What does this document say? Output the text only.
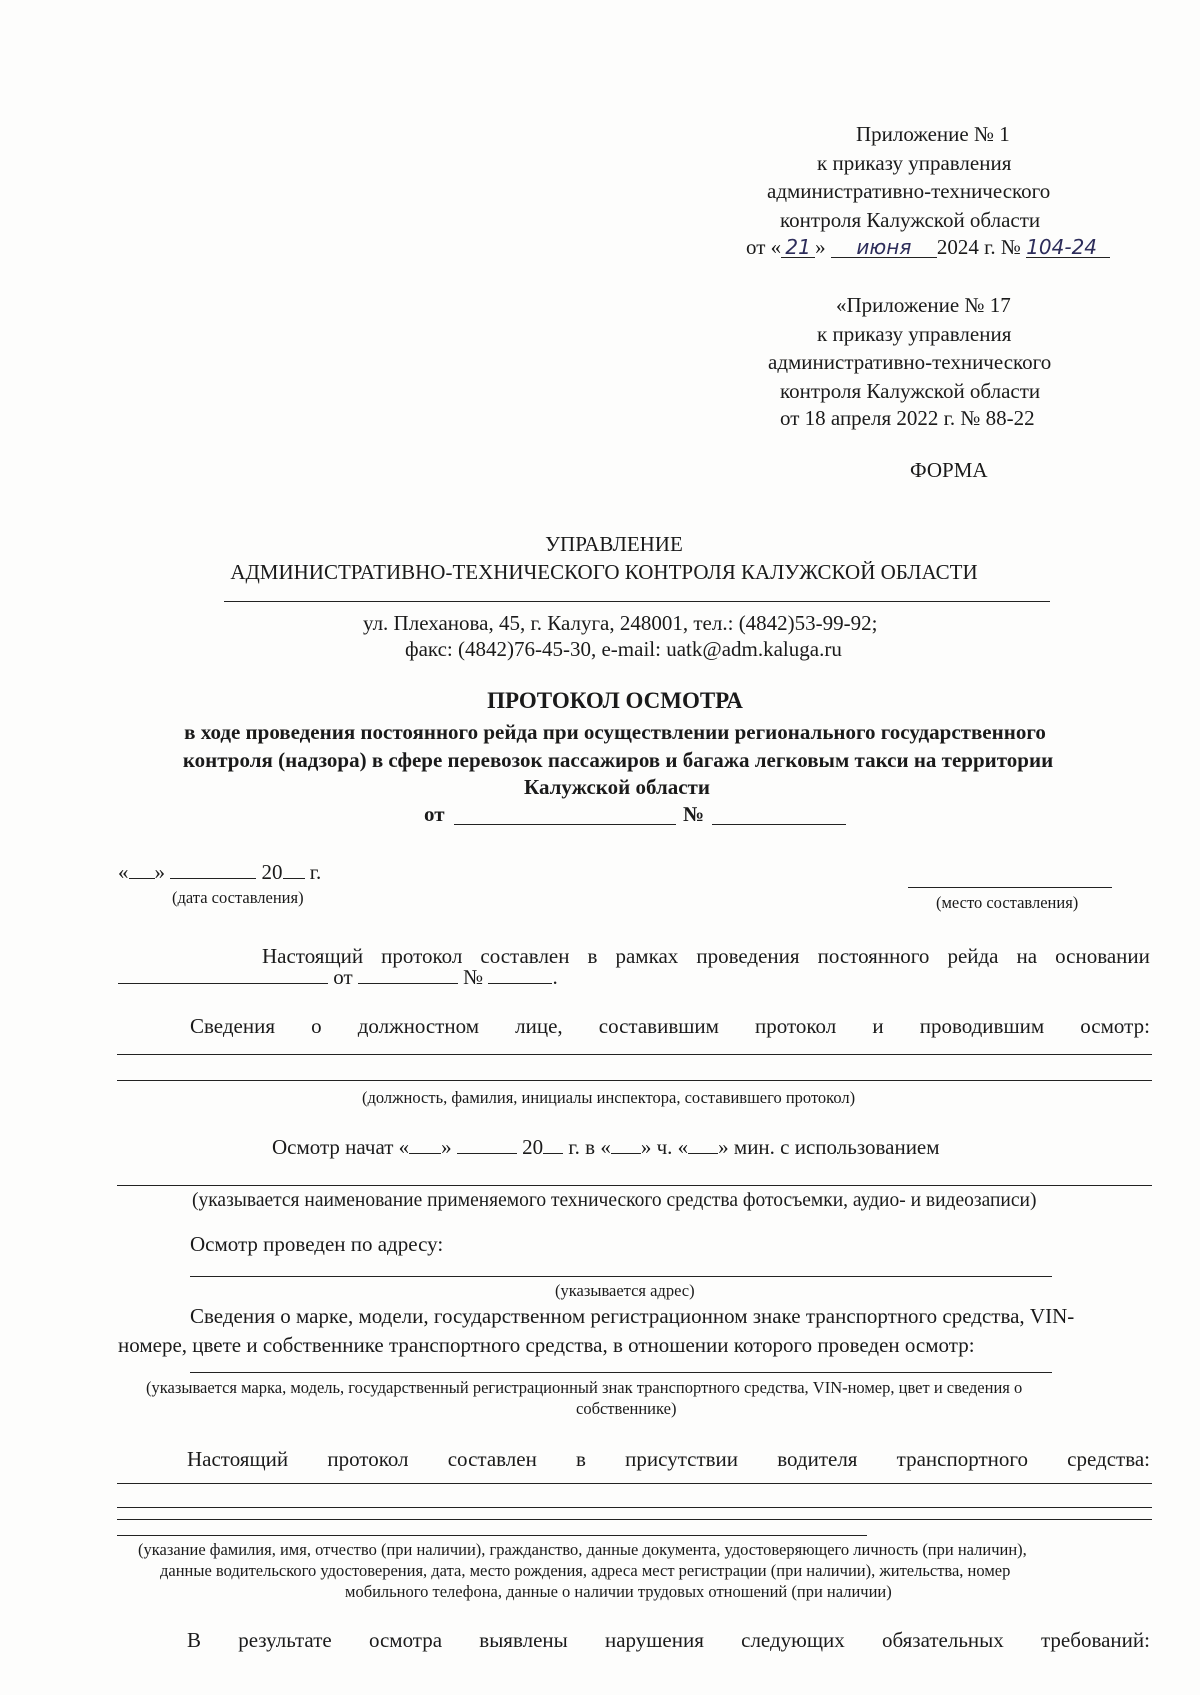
Приложение № 1
к приказу управления
административно-технического
контроля Калужской области
от « 21 » июня 2024 г. № 104-24
«Приложение № 17
к приказу управления
административно-технического
контроля Калужской области
от 18 апреля 2022 г. № 88-22
ФОРМА
УПРАВЛЕНИЕ
АДМИНИСТРАТИВНО-ТЕХНИЧЕСКОГО КОНТРОЛЯ КАЛУЖСКОЙ ОБЛАСТИ
ул. Плеханова, 45, г. Калуга, 248001, тел.: (4842)53-99-92;
факс: (4842)76-45-30, e-mail: uatk@adm.kaluga.ru
ПРОТОКОЛ ОСМОТРА
в ходе проведения постоянного рейда при осуществлении регионального государственного
контроля (надзора) в сфере перевозок пассажиров и багажа легковым такси на территории
Калужской области
от	№
« »	20 г.
(дата составления)	(место составления)
Настоящий протокол составлен в рамках проведения постоянного рейда на основании
от	№	.
Сведения о должностном лице, составившим протокол и проводившим осмотр:
(должность, фамилия, инициалы инспектора, составившего протокол)
Осмотр начат « »	20 г. в « » ч. « » мин. с использованием
(указывается наименование применяемого технического средства фотосъемки, аудио- и видеозаписи)
Осмотр проведен по адресу:
(указывается адрес)
Сведения о марке, модели, государственном регистрационном знаке транспортного средства, VIN-
номере, цвете и собственнике транспортного средства, в отношении которого проведен осмотр:
(указывается марка, модель, государственный регистрационный знак транспортного средства, VIN-номер, цвет и сведения о
собственнике)
Настоящий протокол составлен в присутствии водителя транспортного средства:
(указание фамилия, имя, отчество (при наличии), гражданство, данные документа, удостоверяющего личность (при наличин),
данные водительского удостоверения, дата, место рождения, адреса мест регистрации (при наличии), жительства, номер
мобильного телефона, данные о наличии трудовых отношений (при наличии)
В результате осмотра выявлены нарушения следующих обязательных требований:
